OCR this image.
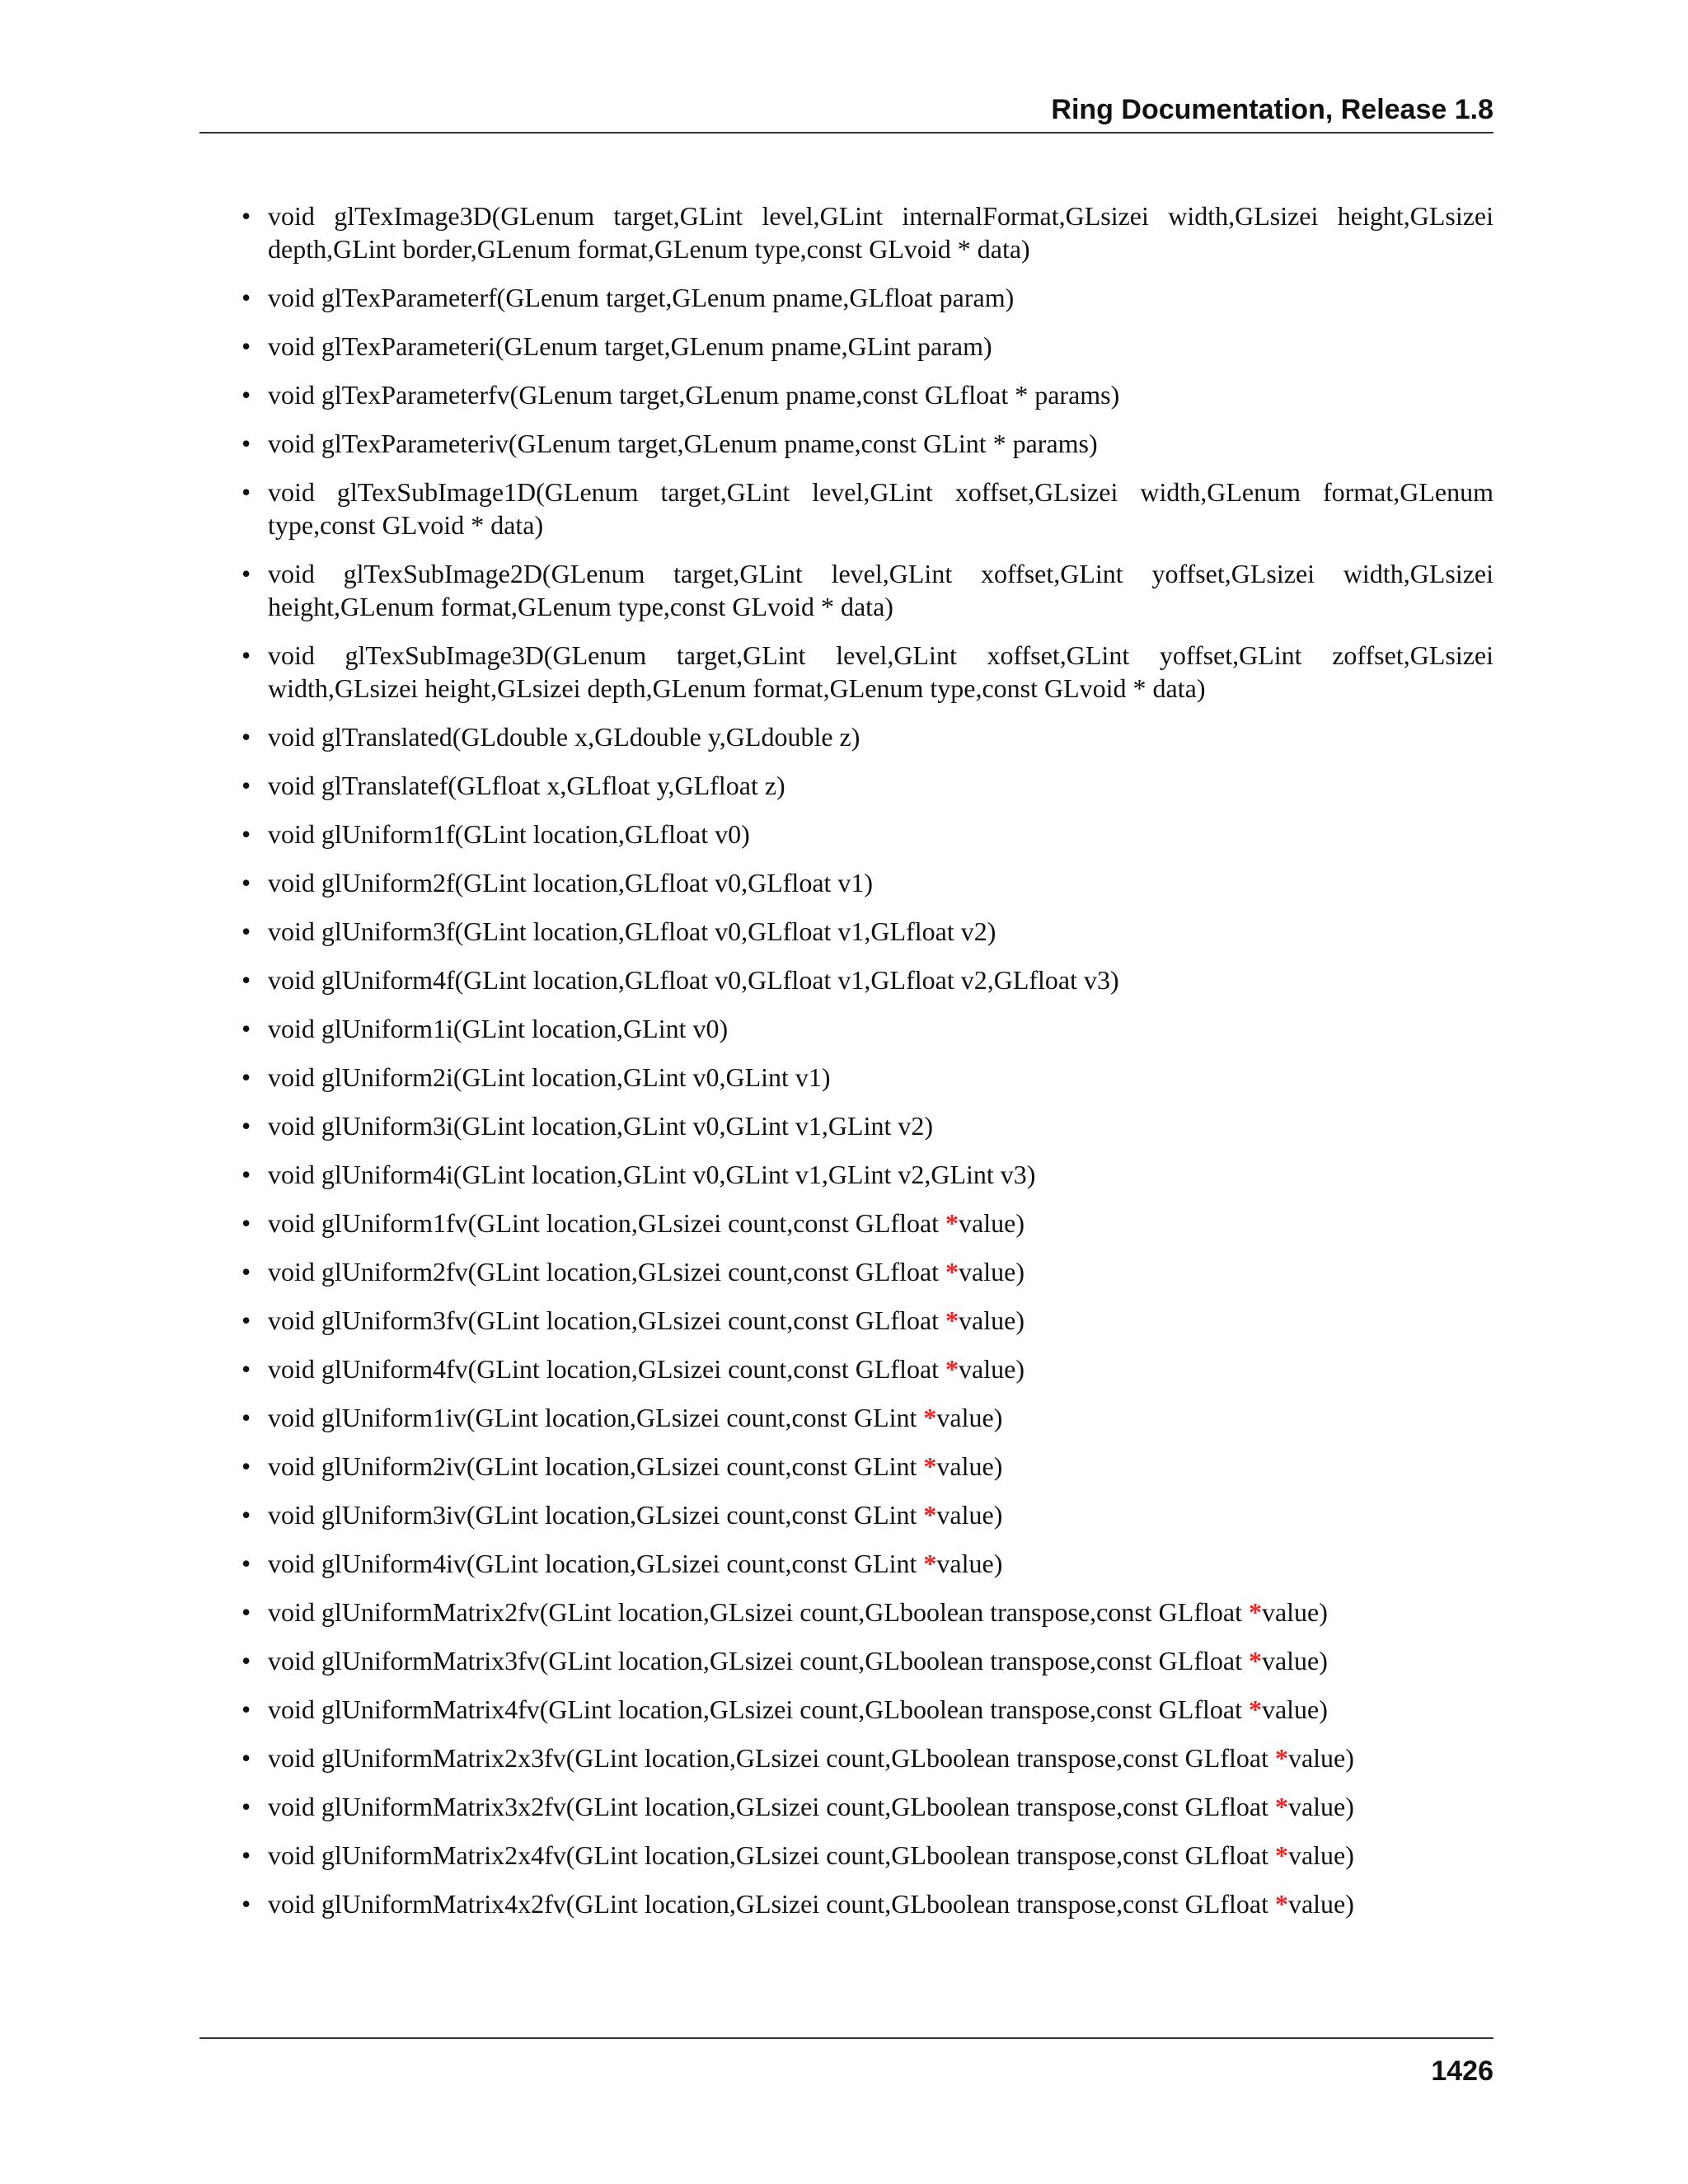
Ring Documentation, Release 1.8
• void glTexImage3D(GLenum target,GLint level,GLint internalFormat,GLsizei width,GLsizei height,GLsizei depth,GLint border,GLenum format,GLenum type,const GLvoid * data)
• void glTexParameterf(GLenum target,GLenum pname,GLfloat param)
• void glTexParameteri(GLenum target,GLenum pname,GLint param)
• void glTexParameterfv(GLenum target,GLenum pname,const GLfloat * params)
• void glTexParameteriv(GLenum target,GLenum pname,const GLint * params)
• void glTexSubImage1D(GLenum target,GLint level,GLint xoffset,GLsizei width,GLenum format,GLenum type,const GLvoid * data)
• void glTexSubImage2D(GLenum target,GLint level,GLint xoffset,GLint yoffset,GLsizei width,GLsizei height,GLenum format,GLenum type,const GLvoid * data)
• void glTexSubImage3D(GLenum target,GLint level,GLint xoffset,GLint yoffset,GLint zoffset,GLsizei width,GLsizei height,GLsizei depth,GLenum format,GLenum type,const GLvoid * data)
• void glTranslated(GLdouble x,GLdouble y,GLdouble z)
• void glTranslatef(GLfloat x,GLfloat y,GLfloat z)
• void glUniform1f(GLint location,GLfloat v0)
• void glUniform2f(GLint location,GLfloat v0,GLfloat v1)
• void glUniform3f(GLint location,GLfloat v0,GLfloat v1,GLfloat v2)
• void glUniform4f(GLint location,GLfloat v0,GLfloat v1,GLfloat v2,GLfloat v3)
• void glUniform1i(GLint location,GLint v0)
• void glUniform2i(GLint location,GLint v0,GLint v1)
• void glUniform3i(GLint location,GLint v0,GLint v1,GLint v2)
• void glUniform4i(GLint location,GLint v0,GLint v1,GLint v2,GLint v3)
• void glUniform1fv(GLint location,GLsizei count,const GLfloat *value)
• void glUniform2fv(GLint location,GLsizei count,const GLfloat *value)
• void glUniform3fv(GLint location,GLsizei count,const GLfloat *value)
• void glUniform4fv(GLint location,GLsizei count,const GLfloat *value)
• void glUniform1iv(GLint location,GLsizei count,const GLint *value)
• void glUniform2iv(GLint location,GLsizei count,const GLint *value)
• void glUniform3iv(GLint location,GLsizei count,const GLint *value)
• void glUniform4iv(GLint location,GLsizei count,const GLint *value)
• void glUniformMatrix2fv(GLint location,GLsizei count,GLboolean transpose,const GLfloat *value)
• void glUniformMatrix3fv(GLint location,GLsizei count,GLboolean transpose,const GLfloat *value)
• void glUniformMatrix4fv(GLint location,GLsizei count,GLboolean transpose,const GLfloat *value)
• void glUniformMatrix2x3fv(GLint location,GLsizei count,GLboolean transpose,const GLfloat *value)
• void glUniformMatrix3x2fv(GLint location,GLsizei count,GLboolean transpose,const GLfloat *value)
• void glUniformMatrix2x4fv(GLint location,GLsizei count,GLboolean transpose,const GLfloat *value)
• void glUniformMatrix4x2fv(GLint location,GLsizei count,GLboolean transpose,const GLfloat *value)
1426
